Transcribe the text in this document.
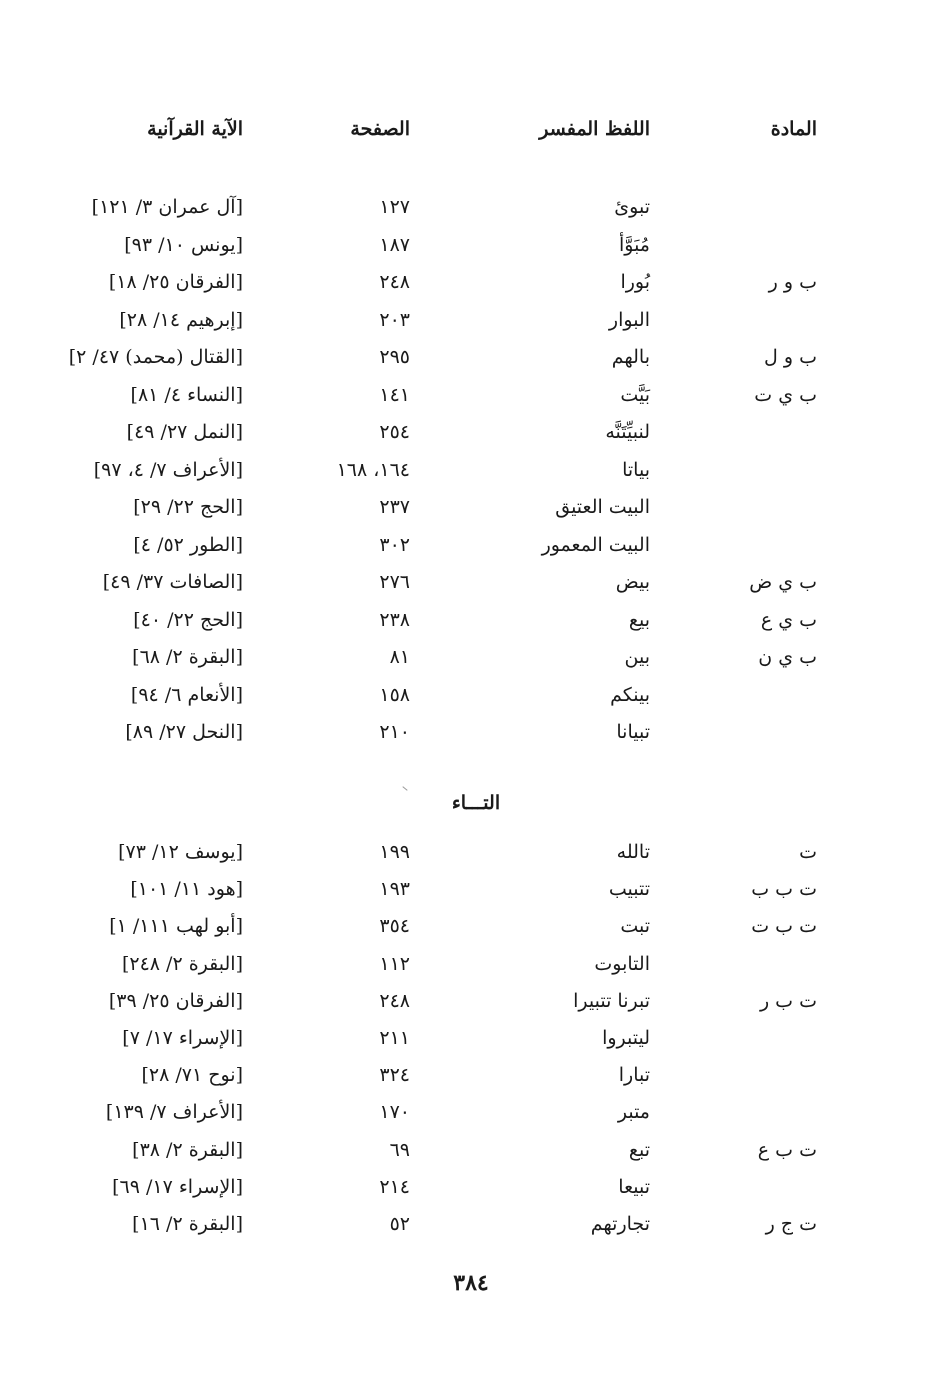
المادة
اللفظ المفسر
الصفحة
الآية القرآنية
تبوئ
١٢٧
[آل عمران ٣/ ١٢١]
مُبَوَّأ
١٨٧
[يونس ١٠/ ٩٣]
ب و ر
بُورا
٢٤٨
[الفرقان ٢٥/ ١٨]
البوار
٢٠٣
[إبرهيم ١٤/ ٢٨]
ب و ل
بالهم
٢٩٥
[القتال (محمد) ٤٧/ ٢]
ب ي ت
بَيَّت
١٤١
[النساء ٤/ ٨١]
لنبيِّتَنَّه
٢٥٤
[النمل ٢٧/ ٤٩]
بياتا
١٦٤، ١٦٨
[الأعراف ٧/ ٤، ٩٧]
البيت العتيق
٢٣٧
[الحج ٢٢/ ٢٩]
البيت المعمور
٣٠٢
[الطور ٥٢/ ٤]
ب ي ض
بيض
٢٧٦
[الصافات ٣٧/ ٤٩]
ب ي ع
بيع
٢٣٨
[الحج ٢٢/ ٤٠]
ب ي ن
بين
٨١
[البقرة ٢/ ٦٨]
بينكم
١٥٨
[الأنعام ٦/ ٩٤]
تبيانا
٢١٠
[النحل ٢٧/ ٨٩]
التـــاء
ت
تالله
١٩٩
[يوسف ١٢/ ٧٣]
ت ب ب
تتبيب
١٩٣
[هود ١١/ ١٠١]
ت ب ت
تبت
٣٥٤
[أبو لهب ١١١/ ١]
التابوت
١١٢
[البقرة ٢/ ٢٤٨]
ت ب ر
تبرنا تتبيرا
٢٤٨
[الفرقان ٢٥/ ٣٩]
ليتبروا
٢١١
[الإسراء ١٧/ ٧]
تبارا
٣٢٤
[نوح ٧١/ ٢٨]
متبر
١٧٠
[الأعراف ٧/ ١٣٩]
ت ب ع
تبع
٦٩
[البقرة ٢/ ٣٨]
تبيعا
٢١٤
[الإسراء ١٧/ ٦٩]
ت ج ر
تجارتهم
٥٢
[البقرة ٢/ ١٦]
٣٨٤
